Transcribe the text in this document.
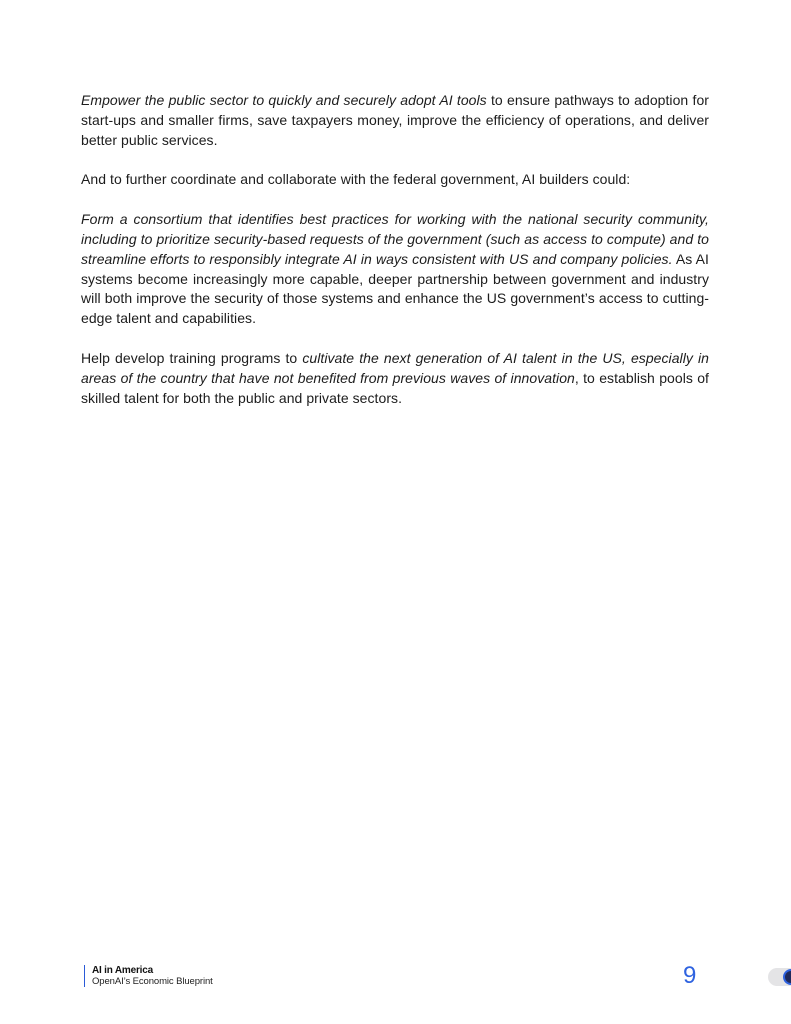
Empower the public sector to quickly and securely adopt AI tools to ensure pathways to adoption for start-ups and smaller firms, save taxpayers money, improve the efficiency of operations, and deliver better public services.

And to further coordinate and collaborate with the federal government, AI builders could:

Form a consortium that identifies best practices for working with the national security community, including to prioritize security-based requests of the government (such as access to compute) and to streamline efforts to responsibly integrate AI in ways consistent with US and company policies. As AI systems become increasingly more capable, deeper partnership between government and industry will both improve the security of those systems and enhance the US government’s access to cutting-edge talent and capabilities.

Help develop training programs to cultivate the next generation of AI talent in the US, especially in areas of the country that have not benefited from previous waves of innovation, to establish pools of skilled talent for both the public and private sectors.

AI in America
OpenAI’s Economic Blueprint	9
